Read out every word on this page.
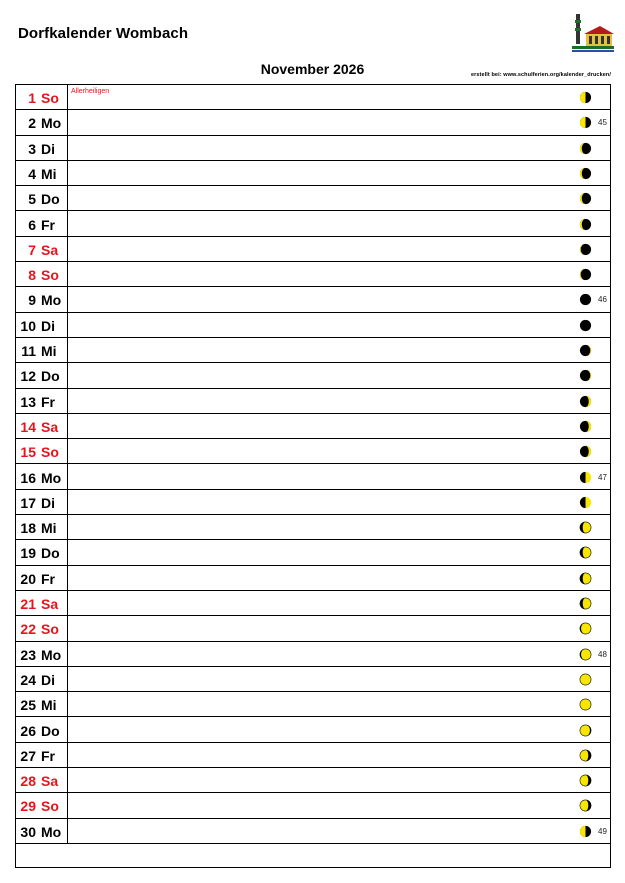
Dorfkalender Wombach
November 2026	erstellt bei: www.schulferien.org/kalender_drucken/
1 So Allerheiligen
2 Mo	45
3 Di
4 Mi
5 Do
6 Fr
7 Sa
8 So
9 Mo	46
10 Di
11 Mi
12 Do
13 Fr
14 Sa
15 So
16 Mo	47
17 Di
18 Mi
19 Do
20 Fr
21 Sa
22 So
23 Mo	48
24 Di
25 Mi
26 Do
27 Fr
28 Sa
29 So
30 Mo	49
